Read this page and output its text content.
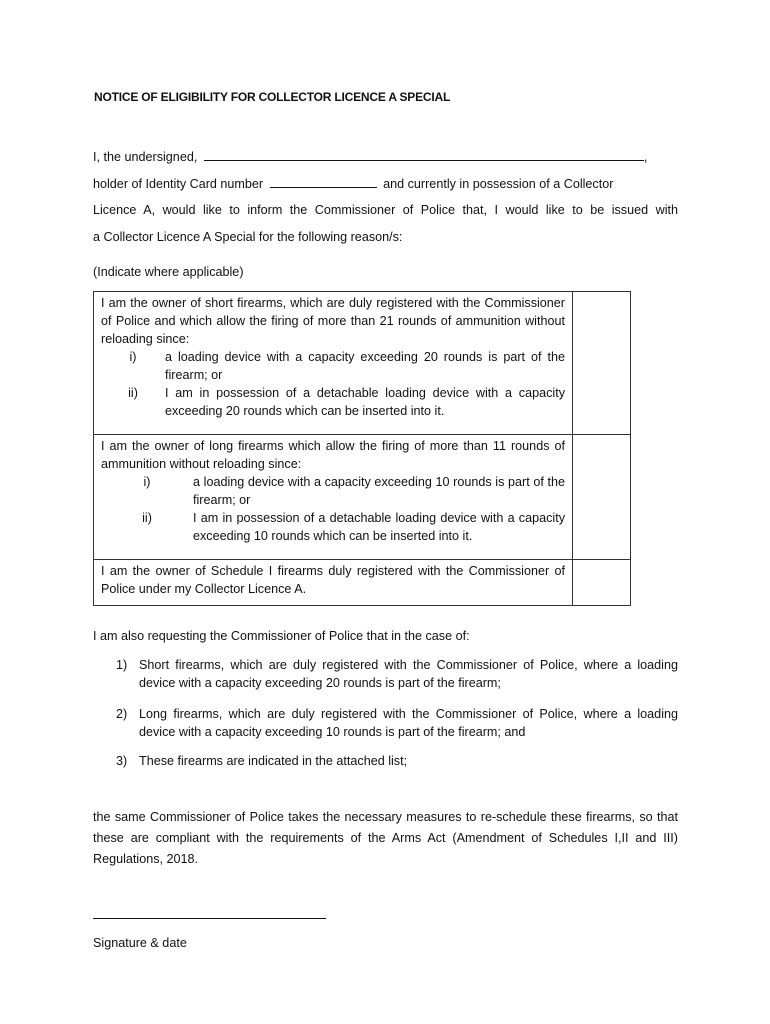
NOTICE OF ELIGIBILITY FOR COLLECTOR LICENCE A SPECIAL
I, the undersigned,	,
holder of Identity Card number	and currently in possession of a Collector
Licence A, would like to inform the Commissioner of Police that, I would like to be issued with
a Collector Licence A Special for the following reason/s:
(Indicate where applicable)

I am the owner of short firearms, which are duly registered with the Commissioner of Police and which allow the firing of more than 21 rounds of ammunition without reloading since:

i) a loading device with a capacity exceeding 20 rounds is part of the firearm; or
ii) I am in possession of a detachable loading device with a capacity exceeding 20 rounds which can be inserted into it.	

I am the owner of long firearms which allow the firing of more than 11 rounds of ammunition without reloading since:

i) a loading device with a capacity exceeding 10 rounds is part of the firearm; or
ii) I am in possession of a detachable loading device with a capacity exceeding 10 rounds which can be inserted into it.	

I am the owner of Schedule I firearms duly registered with the Commissioner of Police under my Collector Licence A.	

I am also requesting the Commissioner of Police that in the case of:
1) Short firearms, which are duly registered with the Commissioner of Police, where a loading device with a capacity exceeding 20 rounds is part of the firearm;
2) Long firearms, which are duly registered with the Commissioner of Police, where a loading device with a capacity exceeding 10 rounds is part of the firearm; and
3) These firearms are indicated in the attached list;
the same Commissioner of Police takes the necessary measures to re-schedule these firearms, so that these are compliant with the requirements of the Arms Act (Amendment of Schedules I,II and III) Regulations, 2018.
Signature & date
